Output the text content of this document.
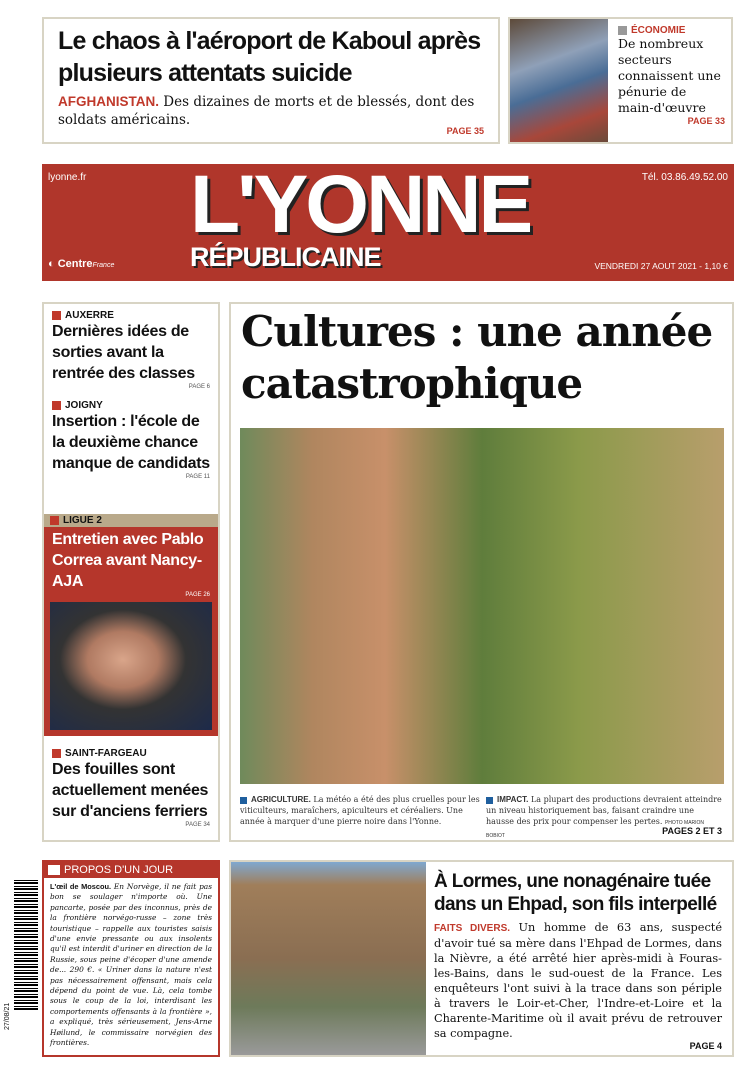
Le chaos à l'aéroport de Kaboul après plusieurs attentats suicide
AFGHANISTAN. Des dizaines de morts et de blessés, dont des soldats américains.
PAGE 35
ÉCONOMIE
De nombreux secteurs connaissent une pénurie de main-d'œuvre
PAGE 33
lyonne.fr	Tél. 03.86.49.52.00
L'YONNE
RÉPUBLICAINE
◐ CentreFrance	VENDREDI 27 AOUT 2021 - 1,10 €
AUXERRE
Dernières idées de sorties avant la rentrée des classes
PAGE 6
JOIGNY
Insertion : l'école de la deuxième chance manque de candidats
PAGE 11
LIGUE 2
Entretien avec Pablo Correa avant Nancy-AJA
PAGE 26
SAINT-FARGEAU
Des fouilles sont actuellement menées sur d'anciens ferriers
PAGE 34
Cultures : une année catastrophique
AGRICULTURE. La météo a été des plus cruelles pour les viticulteurs, maraîchers, apiculteurs et céréaliers. Une année à marquer d'une pierre noire dans l'Yonne.
IMPACT. La plupart des productions devraient atteindre un niveau historiquement bas, faisant craindre une hausse des prix pour compenser les pertes. PHOTO MARION BOBIOT	PAGES 2 ET 3
27/08/21
PROPOS D'UN JOUR
L'œil de Moscou. En Norvège, il ne fait pas bon se soulager n'importe où. Une pancarte, posée par des inconnus, près de la frontière norvégo-russe – zone très touristique – rappelle aux touristes saisis d'une envie pressante ou aux insolents qu'il est interdit d'uriner en direction de la Russie, sous peine d'écoper d'une amende de... 290 €. « Uriner dans la nature n'est pas nécessairement offensant, mais cela dépend du point de vue. Là, cela tombe sous le coup de la loi, interdisant les comportements offensants à la frontière », a expliqué, très sérieusement, Jens-Arne Høilund, le commissaire norvégien des frontières.
À Lormes, une nonagénaire tuée dans un Ehpad, son fils interpellé
FAITS DIVERS. Un homme de 63 ans, suspecté d'avoir tué sa mère dans l'Ehpad de Lormes, dans la Nièvre, a été arrêté hier après-midi à Fouras-les-Bains, dans le sud-ouest de la France. Les enquêteurs l'ont suivi à la trace dans son périple à travers le Loir-et-Cher, l'Indre-et-Loire et la Charente-Maritime où il avait prévu de retrouver sa compagne.
PAGE 4
